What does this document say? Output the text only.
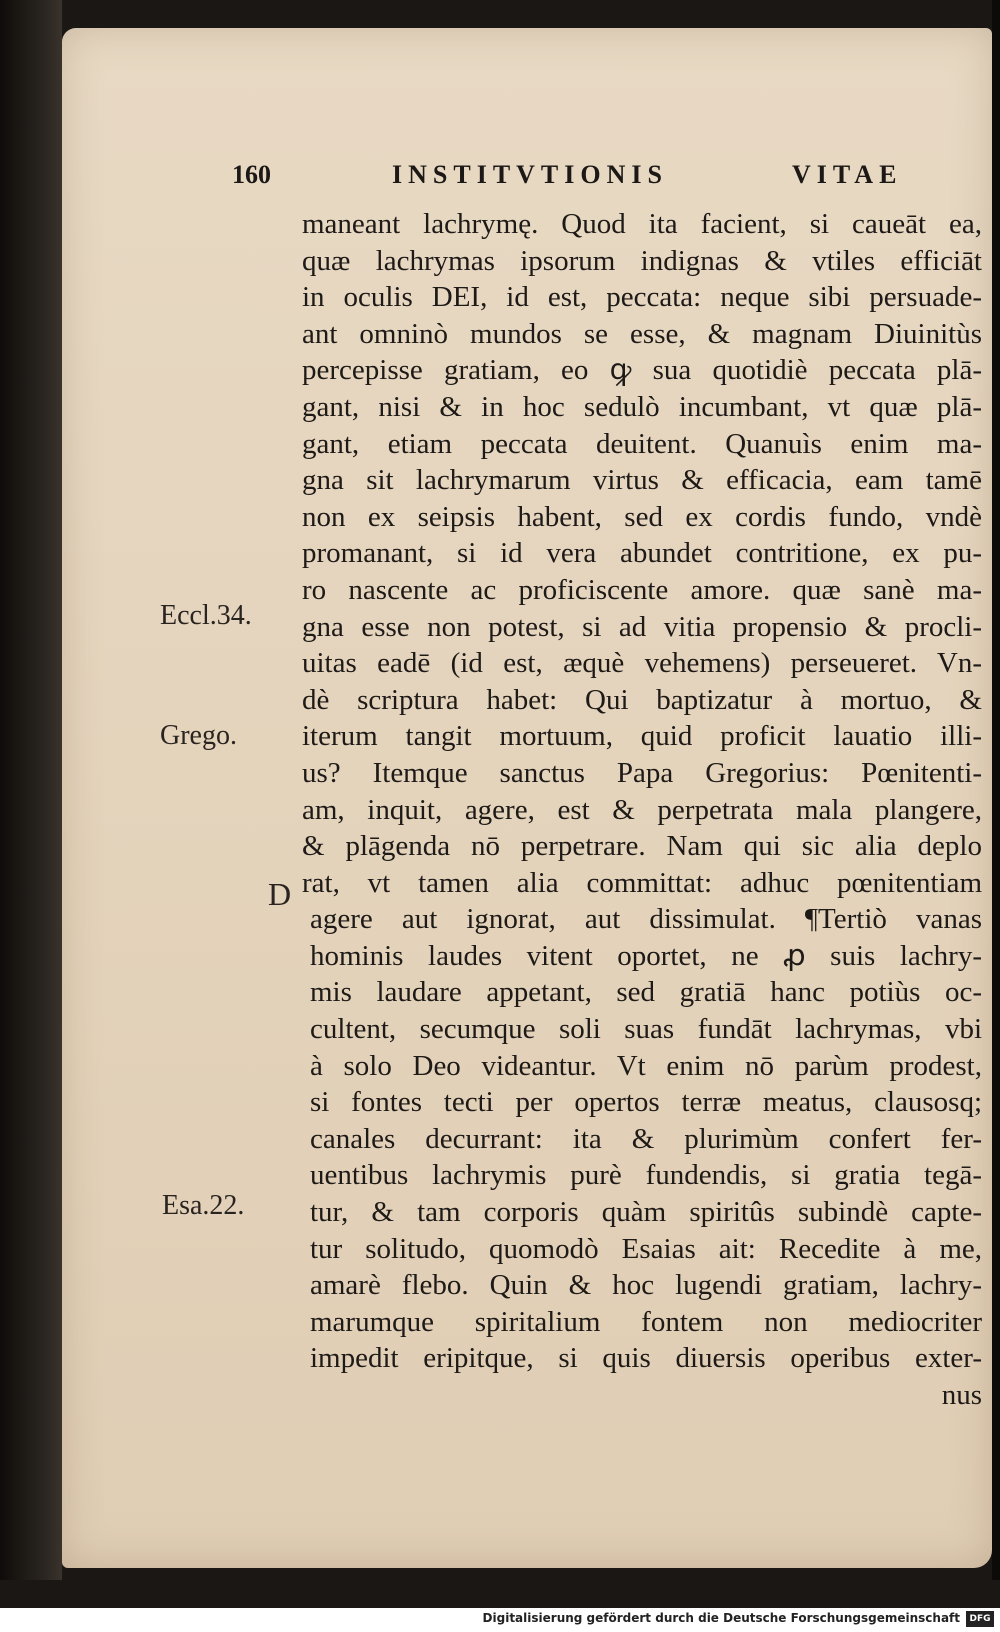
160	INSTITVTIONIS	VITAE
Eccl.34.
Grego.
D
Esa.22.
maneant lachrymę. Quod ita facient, si caueāt ea,
quæ lachrymas ipsorum indignas & vtiles efficiāt
in oculis DEI, id est, peccata: neque sibi persuade-
ant omninò mundos se esse, & magnam Diuinitùs
percepisse gratiam, eo ꝙ sua quotidiè peccata plā-
gant, nisi & in hoc sedulò incumbant, vt quæ plā-
gant, etiam peccata deuitent. Quanuìs enim ma-
gna sit lachrymarum virtus & efficacia, eam tamē
non ex seipsis habent, sed ex cordis fundo, vndè
promanant, si id vera abundet contritione, ex pu-
ro nascente ac proficiscente amore. quæ sanè ma-
gna esse non potest, si ad vitia propensio & procli-
uitas eadē (id est, æquè vehemens) perseueret. Vn-
dè scriptura habet: Qui baptizatur à mortuo, &
iterum tangit mortuum, quid proficit lauatio illi-
us? Itemque sanctus Papa Gregorius: Pœnitenti-
am, inquit, agere, est & perpetrata mala plangere,
& plāgenda nō perpetrare. Nam qui sic alia deplo
rat, vt tamen alia committat: adhuc pœnitentiam
agere aut ignorat, aut dissimulat. ¶Tertiò vanas
hominis laudes vitent oportet, ne ꝓ suis lachry-
mis laudare appetant, sed gratiā hanc potiùs oc-
cultent, secumque soli suas fundāt lachrymas, vbi
à solo Deo videantur. Vt enim nō parùm prodest,
si fontes tecti per opertos terræ meatus, clausosq;
canales decurrant: ita & plurimùm confert fer-
uentibus lachrymis purè fundendis, si gratia tegā-
tur, & tam corporis quàm spiritûs subindè capte-
tur solitudo, quomodò Esaias ait: Recedite à me,
amarè flebo. Quin & hoc lugendi gratiam, lachry-
marumque spiritalium fontem non mediocriter
impedit eripitque, si quis diuersis operibus exter-
nus
Digitalisierung gefördert durch die Deutsche Forschungsgemeinschaft	DFG
